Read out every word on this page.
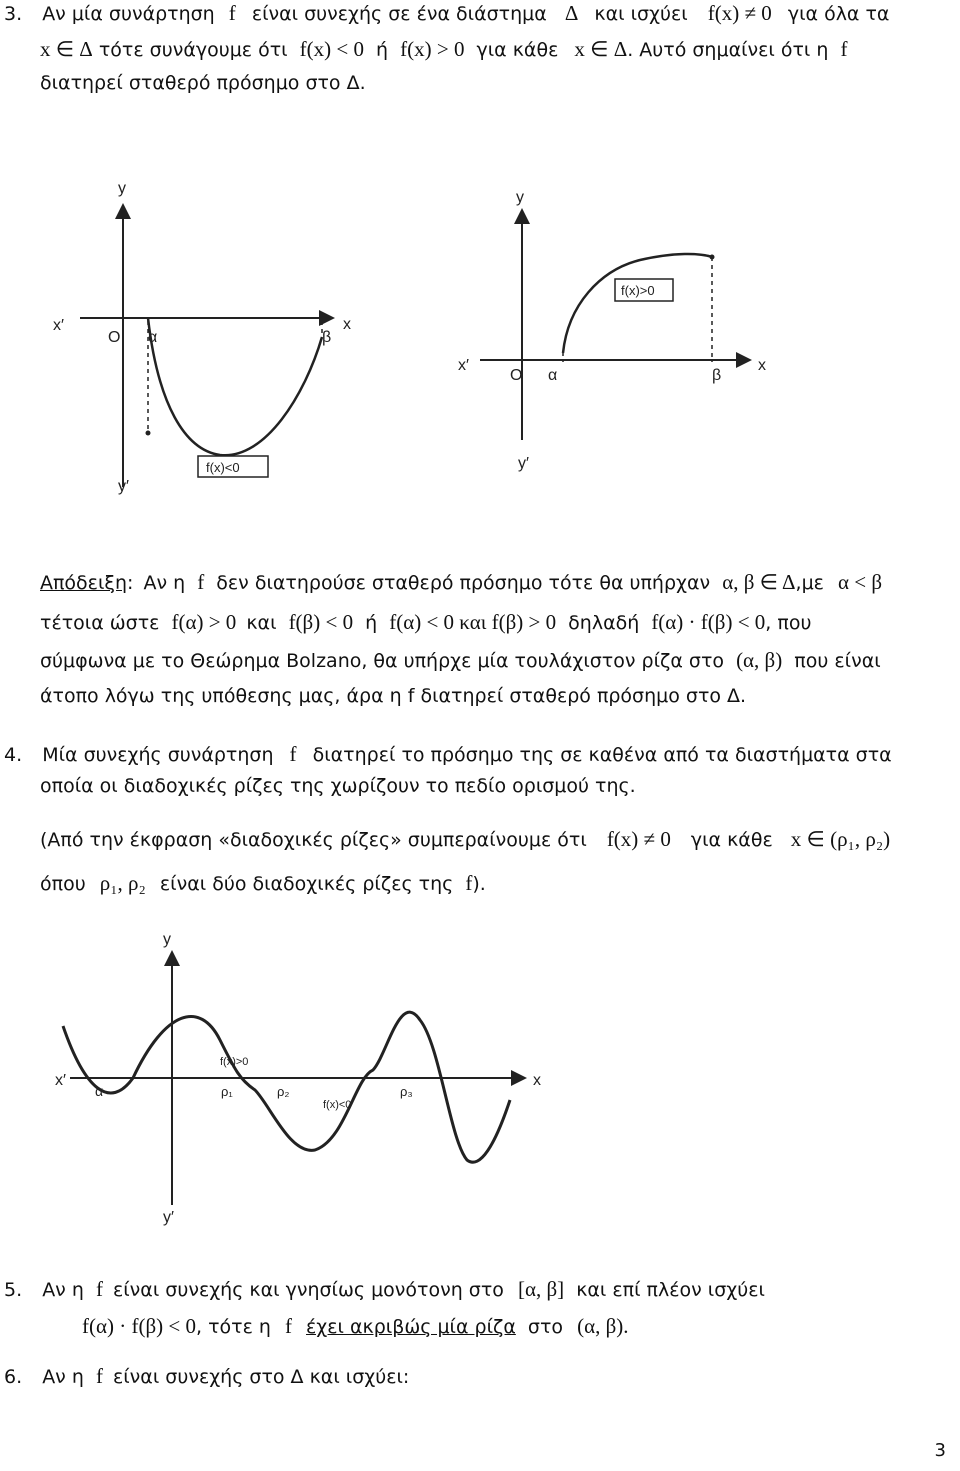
3. Αν μία συνάρτηση f είναι συνεχής σε ένα διάστημα Δ και ισχύει f(x) ≠ 0 για όλα τα
x ∈ Δ τότε συνάγουμε ότι f(x) < 0 ή f(x) > 0 για κάθε x ∈ Δ. Αυτό σημαίνει ότι η f
διατηρεί σταθερό πρόσημο στο Δ.
y
x
x′
y′
O α	β
f(x)<0
y
x
x′
y′
O α	β
f(x)>0
Απόδειξη: Αν η f δεν διατηρούσε σταθερό πρόσημο τότε θα υπήρχαν α, β ∈ Δ,με α < β
τέτοια ώστε f(α) > 0 και f(β) < 0 ή f(α) < 0 και f(β) > 0 δηλαδή f(α) · f(β) < 0, που
σύμφωνα με το Θεώρημα Bolzano, θα υπήρχε μία τουλάχιστον ρίζα στο (α, β) που είναι
άτοπο λόγω της υπόθεσης μας, άρα η f διατηρεί σταθερό πρόσημο στο Δ.
4. Μία συνεχής συνάρτηση f διατηρεί το πρόσημο της σε καθένα από τα διαστήματα στα
οποία οι διαδοχικές ρίζες της χωρίζουν το πεδίο ορισμού της.
(Από την έκφραση «διαδοχικές ρίζες» συμπεραίνουμε ότι f(x) ≠ 0 για κάθε x ∈ (ρ₁, ρ₂)
όπου ρ₁, ρ₂ είναι δύο διαδοχικές ρίζες της f).
y
x
x′
y′
α	ρ₁	ρ₂	ρ₃
f(x)>0
f(x)<0
5. Αν η f είναι συνεχής και γνησίως μονότονη στο [α, β] και επί πλέον ισχύει
f(α) · f(β) < 0, τότε η f έχει ακριβώς μία ρίζα στο (α, β).
6. Αν η f είναι συνεχής στο Δ και ισχύει:
3
